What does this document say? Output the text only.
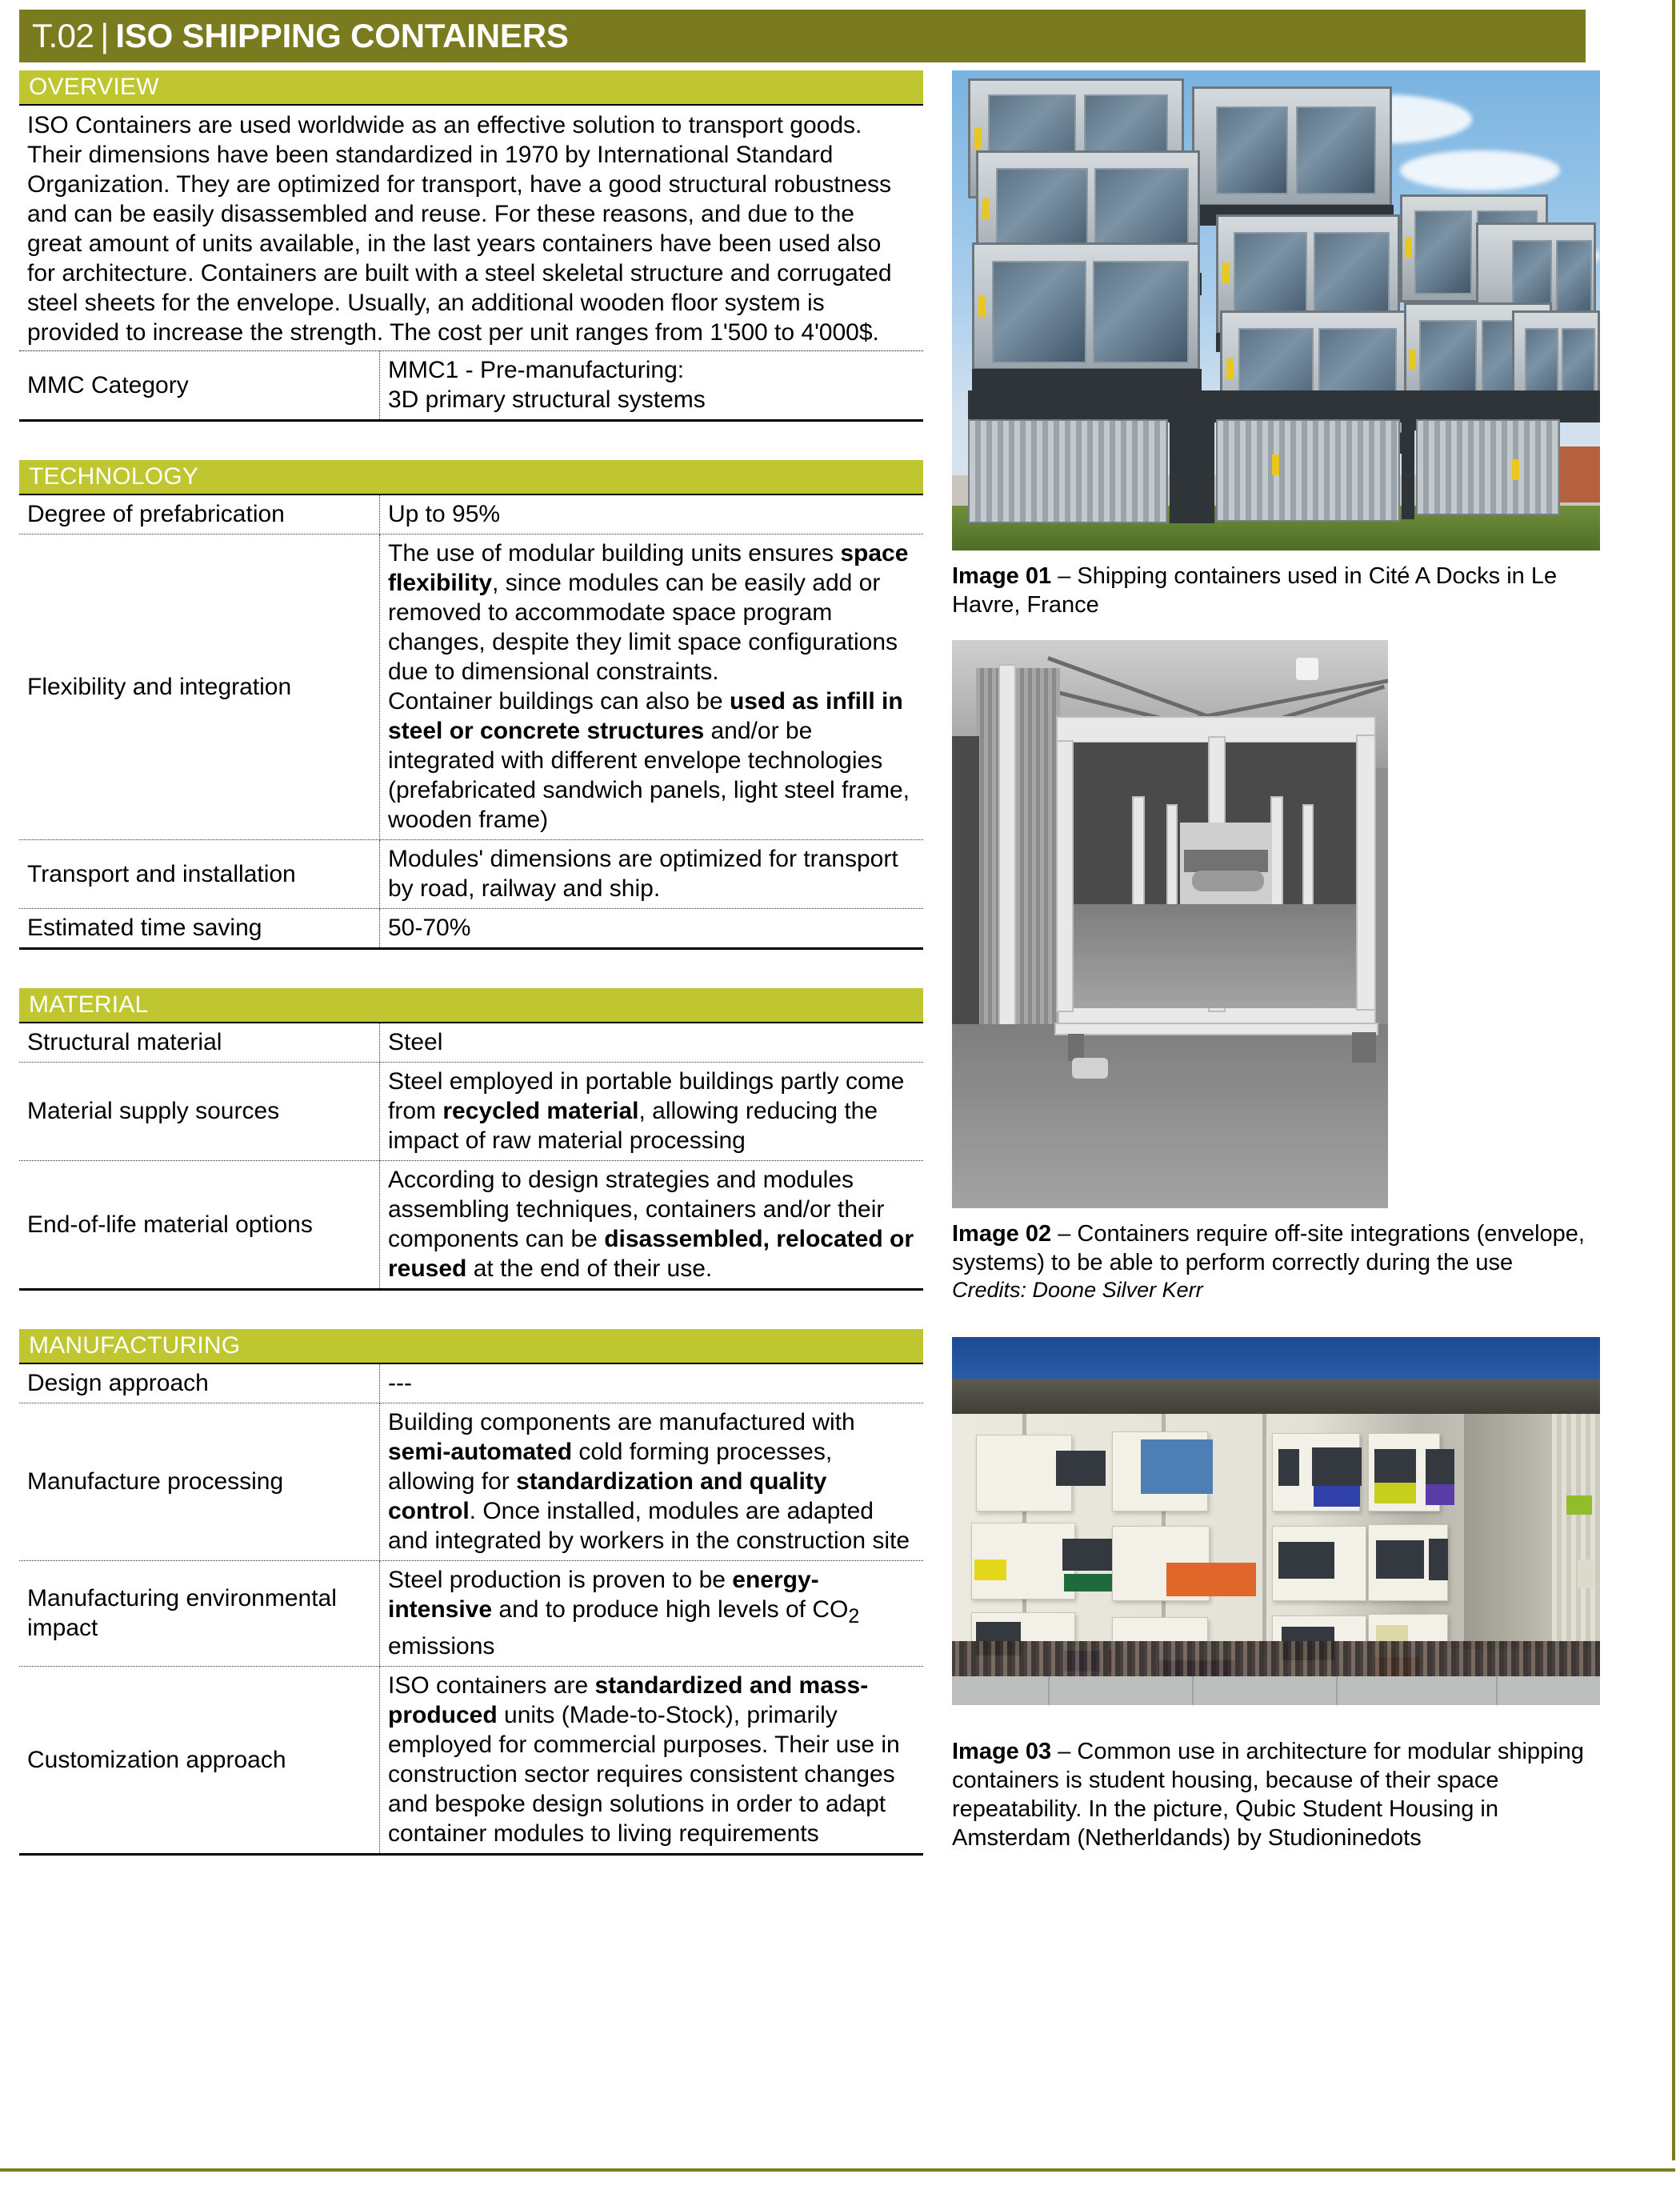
T.02 | ISO SHIPPING CONTAINERS
OVERVIEW
ISO Containers are used worldwide as an effective solution to transport goods. Their dimensions have been standardized in 1970 by International Standard Organization. They are optimized for transport, have a good structural robustness and can be easily disassembled and reuse. For these reasons, and due to the great amount of units available, in the last years containers have been used also for architecture. Containers are built with a steel skeletal structure and corrugated steel sheets for the envelope. Usually, an additional wooden floor system is provided to increase the strength. The cost per unit ranges from 1'500 to 4'000$.
MMC Category	MMC1 - Pre-manufacturing:
3D primary structural systems
TECHNOLOGY
Degree of prefabrication	Up to 95%
Flexibility and integration	The use of modular building units ensures space flexibility, since modules can be easily add or removed to accommodate space program changes, despite they limit space configurations due to dimensional constraints.

Container buildings can also be used as infill in steel or concrete structures and/or be integrated with different envelope technologies (prefabricated sandwich panels, light steel frame, wooden frame)

Transport and installation	Modules' dimensions are optimized for transport by road, railway and ship.
Estimated time saving	50-70%
MATERIAL
Structural material	Steel
Material supply sources	Steel employed in portable buildings partly come from recycled material, allowing reducing the impact of raw material processing
End-of-life material options	According to design strategies and modules assembling techniques, containers and/or their components can be disassembled, relocated or reused at the end of their use.
MANUFACTURING
Design approach	---
Manufacture processing	Building components are manufactured with semi-automated cold forming processes, allowing for standardization and quality control. Once installed, modules are adapted and integrated by workers in the construction site
Manufacturing environmental impact	Steel production is proven to be energy-intensive and to produce high levels of $CO_2$ emissions
Customization approach	ISO containers are standardized and mass-produced units (Made-to-Stock), primarily employed for commercial purposes. Their use in construction sector requires consistent changes and bespoke design solutions in order to adapt container modules to living requirements

Image 01 – Shipping containers used in Cité A Docks in Le Havre, France

Image 02 – Containers require off-site integrations (envelope, systems) to be able to perform correctly during the use

Credits: Doone Silver Kerr

Image 03 – Common use in architecture for modular shipping containers is student housing, because of their space repeatability. In the picture, Qubic Student Housing in Amsterdam (Netherldands) by Studioninedots
